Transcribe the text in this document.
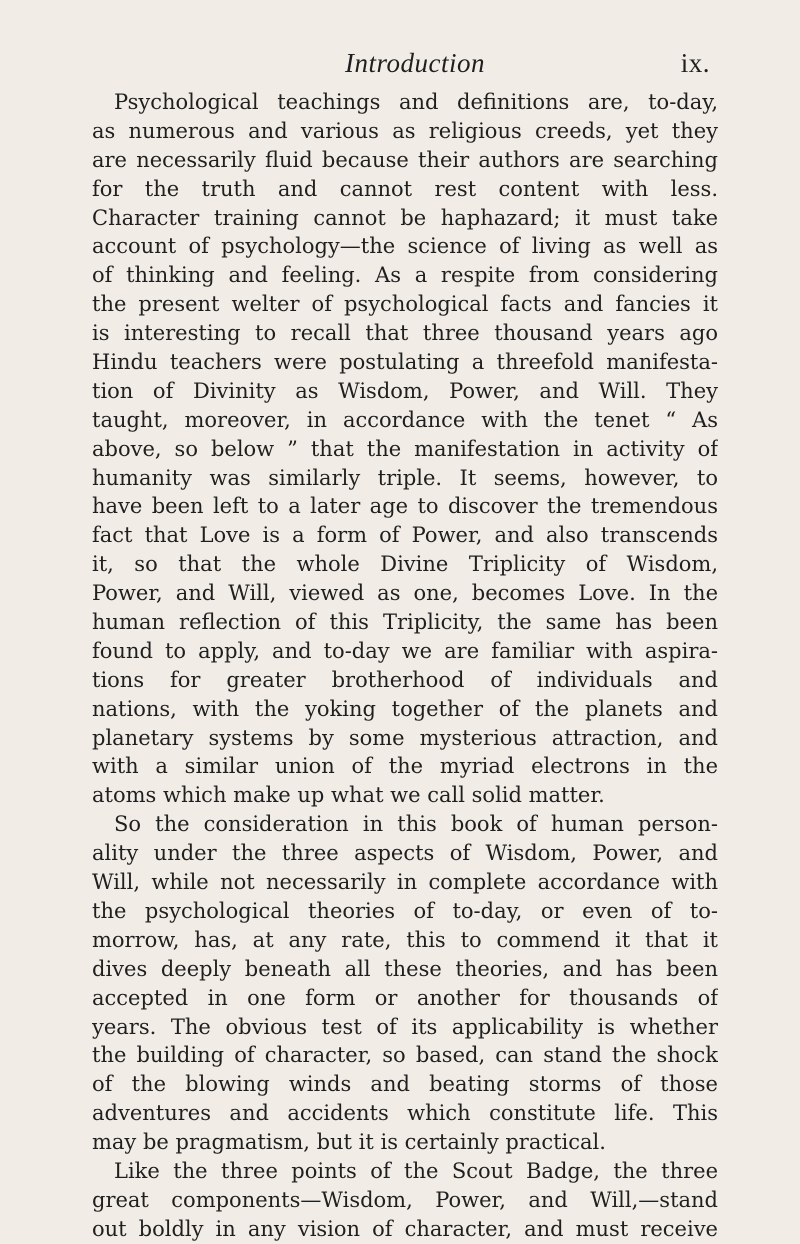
Introduction	ix.
Psychological teachings and definitions are, to-day,
as numerous and various as religious creeds, yet they
are necessarily fluid because their authors are searching
for the truth and cannot rest content with less.
Character training cannot be haphazard; it must take
account of psychology—the science of living as well as
of thinking and feeling. As a respite from considering
the present welter of psychological facts and fancies it
is interesting to recall that three thousand years ago
Hindu teachers were postulating a threefold manifesta-
tion of Divinity as Wisdom, Power, and Will. They
taught, moreover, in accordance with the tenet “ As
above, so below ” that the manifestation in activity of
humanity was similarly triple. It seems, however, to
have been left to a later age to discover the tremendous
fact that Love is a form of Power, and also transcends
it, so that the whole Divine Triplicity of Wisdom,
Power, and Will, viewed as one, becomes Love. In the
human reflection of this Triplicity, the same has been
found to apply, and to-day we are familiar with aspira-
tions for greater brotherhood of individuals and
nations, with the yoking together of the planets and
planetary systems by some mysterious attraction, and
with a similar union of the myriad electrons in the
atoms which make up what we call solid matter.
So the consideration in this book of human person-
ality under the three aspects of Wisdom, Power, and
Will, while not necessarily in complete accordance with
the psychological theories of to-day, or even of to-
morrow, has, at any rate, this to commend it that it
dives deeply beneath all these theories, and has been
accepted in one form or another for thousands of
years. The obvious test of its applicability is whether
the building of character, so based, can stand the shock
of the blowing winds and beating storms of those
adventures and accidents which constitute life. This
may be pragmatism, but it is certainly practical.
Like the three points of the Scout Badge, the three
great components—Wisdom, Power, and Will,—stand
out boldly in any vision of character, and must receive
